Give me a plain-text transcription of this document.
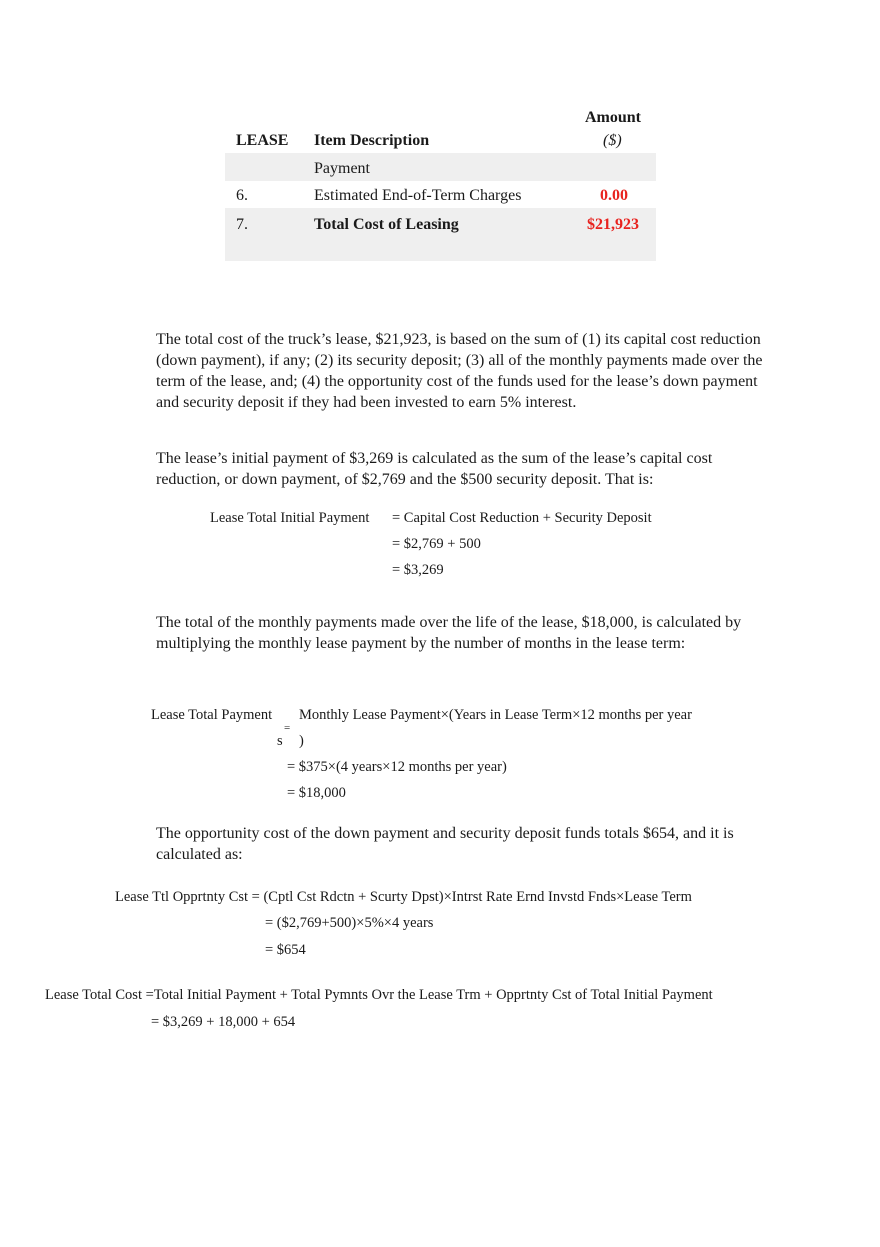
Amount
LEASE Item Description	($)
Payment
6.	Estimated End-of-Term Charges	0.00
7.	Total Cost of Leasing	$21,923
The total cost of the truck’s lease, $21,923, is based on the sum of (1) its capital cost reduction (down payment), if any; (2) its security deposit; (3) all of the monthly payments made over the term of the lease, and; (4) the opportunity cost of the funds used for the lease’s down payment and security deposit if they had been invested to earn 5% interest.
The lease’s initial payment of $3,269 is calculated as the sum of the lease’s capital cost reduction, or down payment, of $2,769 and the $500 security deposit. That is:
Lease Total Initial Payment = Capital Cost Reduction + Security Deposit
= $2,769 + 500
= $3,269
The total of the monthly payments made over the life of the lease, $18,000, is calculated by multiplying the monthly lease payment by the number of months in the lease term:
Lease Total Payment Monthly Lease Payment×(Years in Lease Term×12 months per year
=
s )
= $375×(4 years×12 months per year)
= $18,000
The opportunity cost of the down payment and security deposit funds totals $654, and it is calculated as:
Lease Ttl Opprtnty Cst = (Cptl Cst Rdctn + Scurty Dpst)×Intrst Rate Ernd Invstd Fnds×Lease Term
= ($2,769+500)×5%×4 years
= $654
Lease Total Cost =Total Initial Payment + Total Pymnts Ovr the Lease Trm + Opprtnty Cst of Total Initial Payment
= $3,269 + 18,000 + 654
